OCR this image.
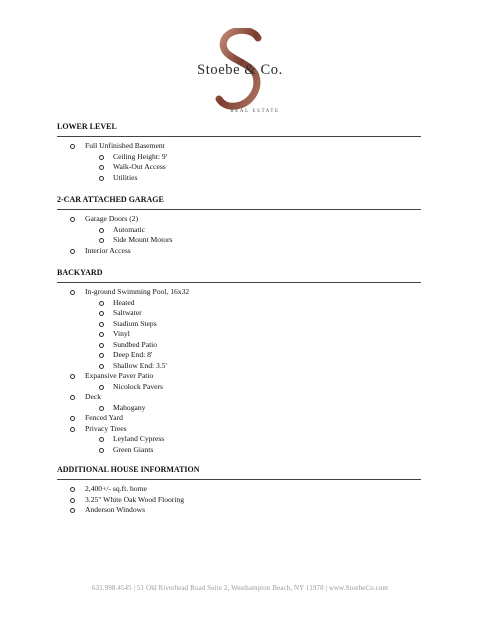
Stoebe & Co.
REAL ESTATE
LOWER LEVEL
Full Unfinished Basement
Ceiling Height: 9'
Walk-Out Access
Utilities
2-CAR ATTACHED GARAGE
Garage Doors (2)
Automatic
Side Mount Motors
Interior Access
BACKYARD
In-ground Swimming Pool, 16x32
Heated
Saltwater
Stadium Steps
Vinyl
Sundbed Patio
Deep End: 8'
Shallow End: 3.5'
Expansive Paver Patio
Nicolock Pavers
Deck
Mahogany
Fenced Yard
Privacy Trees
Leyland Cypress
Green Giants
ADDITIONAL HOUSE INFORMATION
2,400+/- sq.ft. home
3.25" White Oak Wood Flooring
Anderson Windows
631.998.4545 | 51 Old Riverhead Road Suite 2, Westhampton Beach, NY 11978 | www.StoebeCo.com
